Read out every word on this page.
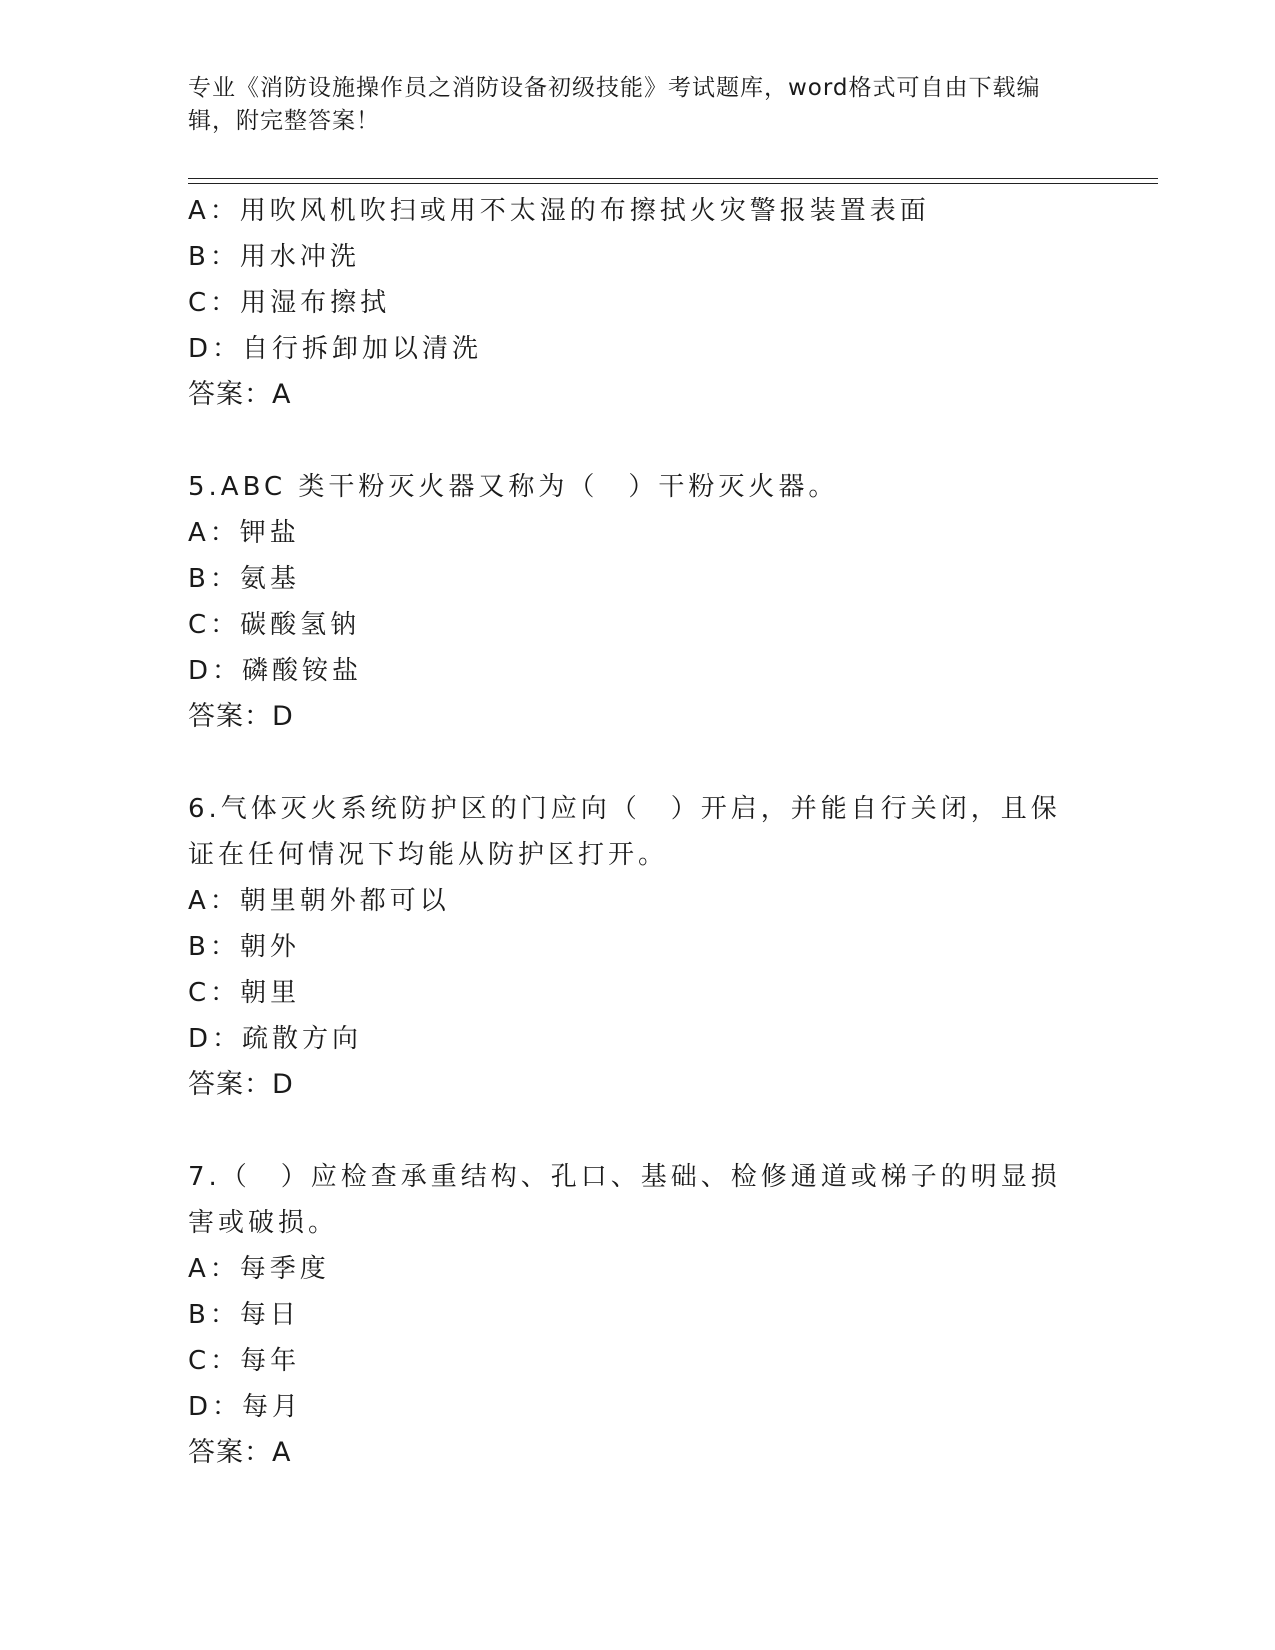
专业《消防设施操作员之消防设备初级技能》考试题库，word格式可自由下载编辑，附完整答案！
A：用吹风机吹扫或用不太湿的布擦拭火灾警报装置表面
B：用水冲洗
C：用湿布擦拭
D：自行拆卸加以清洗
答案：A
5.ABC 类干粉灭火器又称为（　）干粉灭火器。
A：钾盐
B：氨基
C：碳酸氢钠
D：磷酸铵盐
答案：D
6.气体灭火系统防护区的门应向（　）开启，并能自行关闭，且保证在任何情况下均能从防护区打开。
A：朝里朝外都可以
B：朝外
C：朝里
D：疏散方向
答案：D
7.（　）应检查承重结构、孔口、基础、检修通道或梯子的明显损害或破损。
A：每季度
B：每日
C：每年
D：每月
答案：A
